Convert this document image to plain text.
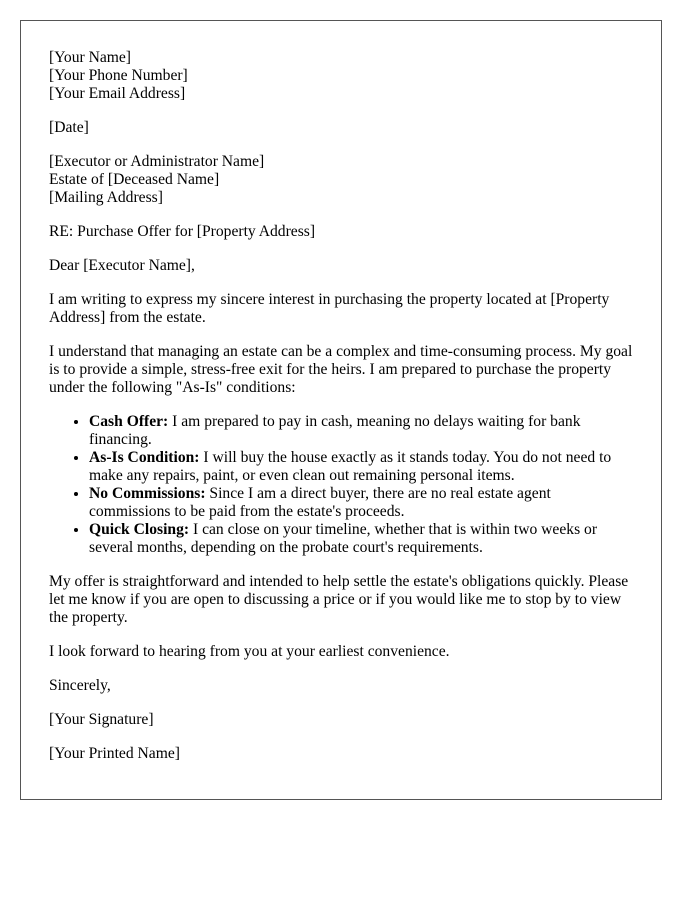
[Your Name]
[Your Phone Number]
[Your Email Address]

[Date]

[Executor or Administrator Name]
Estate of [Deceased Name]
[Mailing Address]

RE: Purchase Offer for [Property Address]

Dear [Executor Name],

I am writing to express my sincere interest in purchasing the property located at [Property Address] from the estate.

I understand that managing an estate can be a complex and time-consuming process. My goal is to provide a simple, stress-free exit for the heirs. I am prepared to purchase the property under the following "As-Is" conditions:

• Cash Offer: I am prepared to pay in cash, meaning no delays waiting for bank financing.
• As-Is Condition: I will buy the house exactly as it stands today. You do not need to make any repairs, paint, or even clean out remaining personal items.
• No Commissions: Since I am a direct buyer, there are no real estate agent commissions to be paid from the estate's proceeds.
• Quick Closing: I can close on your timeline, whether that is within two weeks or several months, depending on the probate court's requirements.

My offer is straightforward and intended to help settle the estate's obligations quickly. Please let me know if you are open to discussing a price or if you would like me to stop by to view the property.

I look forward to hearing from you at your earliest convenience.

Sincerely,

[Your Signature]

[Your Printed Name]
